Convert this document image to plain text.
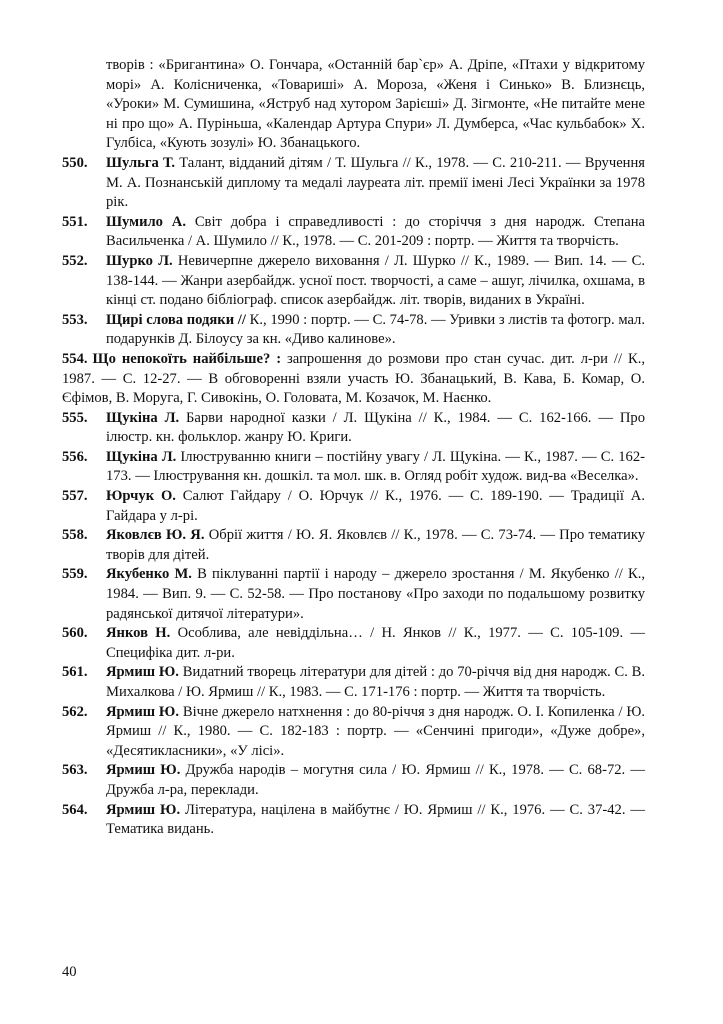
творів : «Бригантина» О. Гончара, «Останній бар`єр» А. Дріпе, «Птахи у відкритому морі» А. Колісниченка, «Товариші» А. Мороза, «Женя і Синько» В. Близнєць, «Уроки» М. Сумишина, «Яструб над хутором Зарієші» Д. Зігмонте, «Не питайте мене ні про що» А. Пурiньша, «Календар Артура Спури» Л. Думберса, «Час кульбабок» Х. Гулбіса, «Кують зозулі» Ю. Збанацького.
550.	Шульга Т. Талант, відданий дітям / Т. Шульга // К., 1978. — С. 210-211. — Вручення М. А. Познанській диплому та медалі лауреата літ. премії імені Лесі Українки за 1978 рік.
551.	Шумило А. Світ добра і справедливості : до сторіччя з дня народж. Степана Васильченка / А. Шумило // К., 1978. — С. 201-209 : портр. — Життя та творчість.
552.	Шурко Л. Невичерпне джерело виховання / Л. Шурко // К., 1989. — Вип. 14. — С. 138-144. — Жанри азербайдж. усної пост. творчості, а саме – ашуг, лічилка, охшама, в кінці ст. подано бібліограф. список азербайдж. літ. творів, виданих в Україні.
553.	Щирі слова подяки // К., 1990 : портр. — С. 74-78. — Уривки з листів та фотогр. мал. подарунків Д. Білоусу за кн. «Диво калинове».
554. Що непокоїть найбільше? : запрошення до розмови про стан сучас. дит. л-ри // К., 1987. — С. 12-27. — В обговоренні взяли участь Ю. Збанацький, В. Кава, Б. Комар, О. Єфімов, В. Моруга, Г. Сивокінь, О. Головата, М. Козачок, М. Наєнко.
555.	Щукіна Л. Барви народної казки / Л. Щукіна // К., 1984. — С. 162-166. — Про ілюстр. кн. фольклор. жанру Ю. Криги.
556.	Щукіна Л. Ілюструванню книги – постійну увагу / Л. Щукіна. — К., 1987. — С. 162-173. — Ілюстрування кн. дошкіл. та мол. шк. в. Огляд робіт худож. вид-ва «Веселка».
557.	Юрчук О. Салют Гайдару / О. Юрчук // К., 1976. — С. 189-190. — Традиції А. Гайдара у л-рі.
558.	Яковлєв Ю. Я. Обрії життя / Ю. Я. Яковлєв // К., 1978. — С. 73-74. — Про тематику творів для дітей.
559.	Якубенко М. В піклуванні партії і народу – джерело зростання / М. Якубенко // К., 1984. — Вип. 9. — С. 52-58. — Про постанову «Про заходи по подальшому розвитку радянської дитячої літератури».
560.	Янков Н. Особлива, але невіддільна… / Н. Янков // К., 1977. — С. 105-109. — Специфіка дит. л-ри.
561.	Ярмиш Ю. Видатний творець літератури для дітей : до 70-річчя від дня народж. С. В. Михалкова / Ю. Ярмиш // К., 1983. — С. 171-176 : портр. — Життя та творчість.
562.	Ярмиш Ю. Вічне джерело натхнення : до 80-річчя з дня народж. О. І. Копиленка / Ю. Ярмиш // К., 1980. — С. 182-183 : портр. — «Сенчині пригоди», «Дуже добре», «Десятикласники», «У лісі».
563.	Ярмиш Ю. Дружба народів – могутня сила / Ю. Ярмиш // К., 1978. — С. 68-72. — Дружба л-ра, переклади.
564.	Ярмиш Ю. Література, націлена в майбутнє / Ю. Ярмиш // К., 1976. — С. 37-42. — Тематика видань.
40
